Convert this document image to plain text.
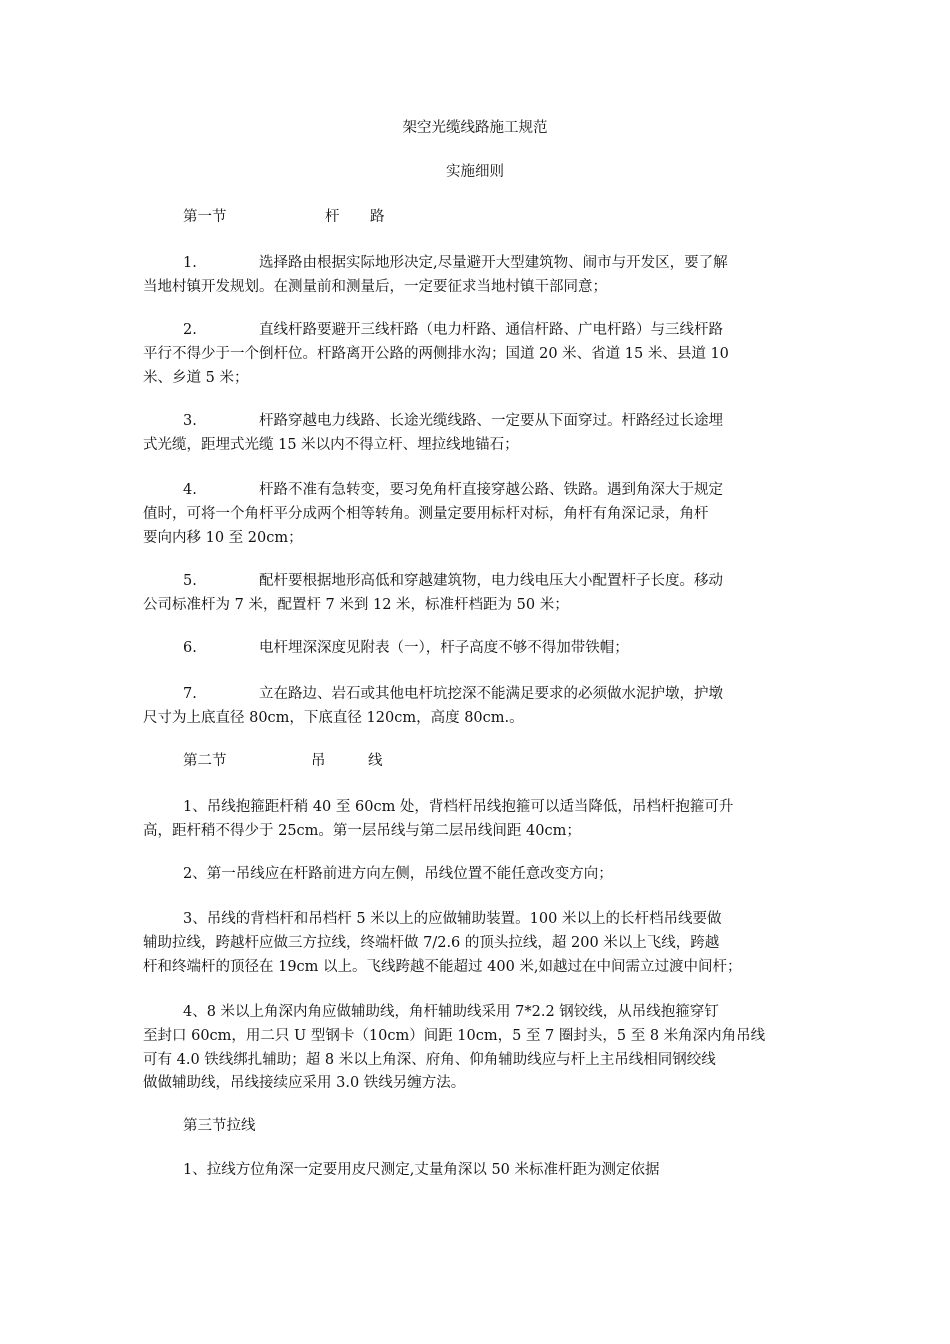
架空光缆线路施工规范
实施细则
第一节	杆 路
1.	选择路由根据实际地形决定,尽量避开大型建筑物、闹市与开发区，要了解
当地村镇开发规划。在测量前和测量后，一定要征求当地村镇干部同意；
2.	直线杆路要避开三线杆路（电力杆路、通信杆路、广电杆路）与三线杆路
平行不得少于一个倒杆位。杆路离开公路的两侧排水沟；国道 20 米、省道 15 米、县道 10
米、乡道 5 米；
3.	杆路穿越电力线路、长途光缆线路、一定要从下面穿过。杆路经过长途埋
式光缆，距埋式光缆 15 米以内不得立杆、埋拉线地锚石；
4.	杆路不准有急转变，要习免角杆直接穿越公路、铁路。遇到角深大于规定
值时，可将一个角杆平分成两个相等转角。测量定要用标杆对标，角杆有角深记录，角杆
要向内移 10 至 20cm；
5.	配杆要根据地形高低和穿越建筑物，电力线电压大小配置杆子长度。移动
公司标准杆为 7 米，配置杆 7 米到 12 米，标准杆档距为 50 米；
6.	电杆埋深深度见附表（一），杆子高度不够不得加带铁帽；
7.	立在路边、岩石或其他电杆坑挖深不能满足要求的必须做水泥护墩，护墩
尺寸为上底直径 80cm，下底直径 120cm，高度 80cm.。
第二节	吊	线
1、吊线抱箍距杆稍 40 至 60cm 处，背档杆吊线抱箍可以适当降低，吊档杆抱箍可升
高，距杆稍不得少于 25cm。第一层吊线与第二层吊线间距 40cm；
2、第一吊线应在杆路前进方向左侧，吊线位置不能任意改变方向；
3、吊线的背档杆和吊档杆 5 米以上的应做辅助装置。100 米以上的长杆档吊线要做
辅助拉线，跨越杆应做三方拉线，终端杆做 7/2.6 的顶头拉线，超 200 米以上飞线，跨越
杆和终端杆的顶径在 19cm 以上。飞线跨越不能超过 400 米,如越过在中间需立过渡中间杆；
4、8 米以上角深内角应做辅助线，角杆辅助线采用 7*2.2 钢铰线，从吊线抱箍穿钉
至封口 60cm，用二只 U 型钢卡（10cm）间距 10cm，5 至 7 圈封头，5 至 8 米角深内角吊线
可有 4.0 铁线绑扎辅助；超 8 米以上角深、府角、仰角辅助线应与杆上主吊线相同钢绞线
做做辅助线，吊线接续应采用 3.0 铁线另缠方法。
第三节拉线
1、拉线方位角深一定要用皮尺测定,丈量角深以 50 米标准杆距为测定依据
